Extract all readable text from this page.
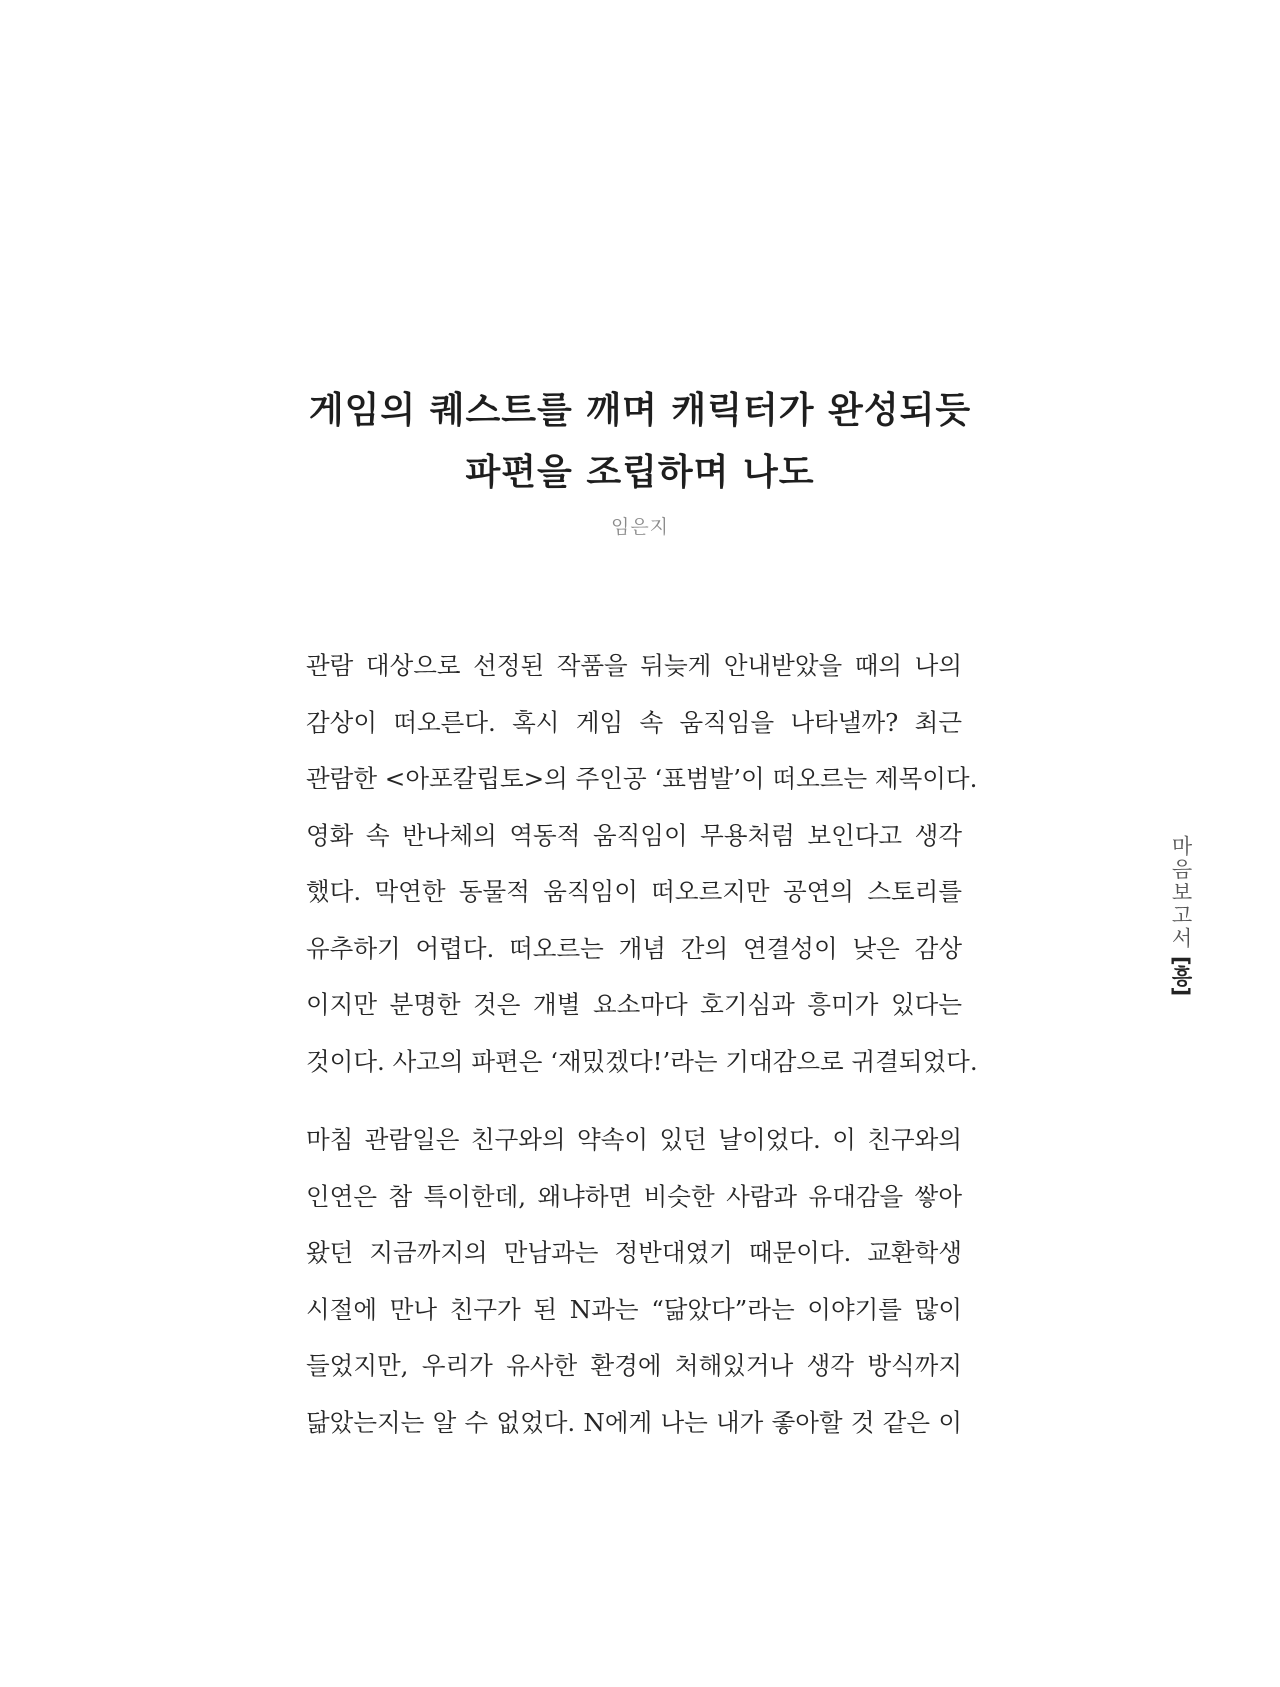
게임의 퀘스트를 깨며 캐릭터가 완성되듯
파편을 조립하며 나도
임은지
관람 대상으로 선정된 작품을 뒤늦게 안내받았을 때의 나의
감상이 떠오른다. 혹시 게임 속 움직임을 나타낼까? 최근
관람한 <아포칼립토>의 주인공 ‘표범발’이 떠오르는 제목이다.
영화 속 반나체의 역동적 움직임이 무용처럼 보인다고 생각
했다. 막연한 동물적 움직임이 떠오르지만 공연의 스토리를
유추하기 어렵다. 떠오르는 개념 간의 연결성이 낮은 감상
이지만 분명한 것은 개별 요소마다 호기심과 흥미가 있다는
것이다. 사고의 파편은 ‘재밌겠다!’라는 기대감으로 귀결되었다.
마침 관람일은 친구와의 약속이 있던 날이었다. 이 친구와의
인연은 참 특이한데, 왜냐하면 비슷한 사람과 유대감을 쌓아
왔던 지금까지의 만남과는 정반대였기 때문이다. 교환학생
시절에 만나 친구가 된 N과는 “닮았다”라는 이야기를 많이
들었지만, 우리가 유사한 환경에 처해있거나 생각 방식까지
닮았는지는 알 수 없었다. N에게 나는 내가 좋아할 것 같은 이
마음보고서
[흥]
